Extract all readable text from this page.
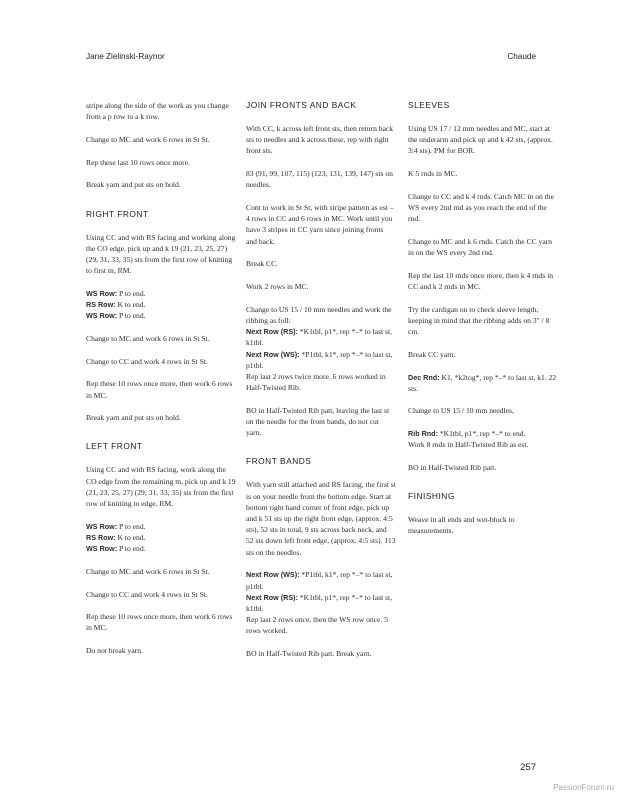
Jane Zielinski-Raynor	Chaude

stripe along the side of the work as you change from a p row to a k row.

Change to MC and work 6 rows in St St.

Rep these last 10 rows once more.

Break yarn and put sts on hold.

RIGHT FRONT

Using CC and with RS facing and working along the CO edge, pick up and k 19 (21, 23, 25, 27) (29, 31, 33, 35) sts from the first row of knitting to first m, RM.

WS Row: P to end.

RS Row: K to end.

WS Row: P to end.

Change to MC and work 6 rows in St St.

Change to CC and work 4 rows in St St.

Rep these 10 rows once more, then work 6 rows in MC.

Break yarn and put sts on hold.

LEFT FRONT

Using CC and with RS facing, work along the CO edge from the remaining m, pick up and k 19 (21, 23, 25, 27) (29, 31, 33, 35) sts from the first row of knitting to edge. RM.

WS Row: P to end.

RS Row: K to end.

WS Row: P to end.

Change to MC and work 6 rows in St St.

Change to CC and work 4 rows in St St.

Rep these 10 rows once more, then work 6 rows in MC.

Do not break yarn.

JOIN FRONTS AND BACK

With CC, k across left front sts, then return back sts to needles and k across these, rep with right front sts.

83 (91, 99, 107, 115) (123, 131, 139, 147) sts on needles.

Cont to work in St St, with stripe pattern as est – 4 rows in CC and 6 rows in MC. Work until you have 3 stripes in CC yarn since joining fronts and back.

Break CC.

Work 2 rows in MC.

Change to US 15 / 10 mm needles and work the ribbing as foll:

Next Row (RS): *K1tbl, p1*, rep *–* to last st, k1tbl.

Next Row (WS): *P1tbl, k1*, rep *–* to last st, p1tbl.

Rep last 2 rows twice more. 6 rows worked in Half-Twisted Rib.

BO in Half-Twisted Rib patt, leaving the last st on the needle for the front bands, do not cut yarn.

FRONT BANDS

With yarn still attached and RS facing, the first st is on your needle from the bottom edge. Start at bottom right hand corner of front edge, pick up and k 51 sts up the right front edge, (approx. 4:5 sts), 52 sts in total, 9 sts across back neck, and 52 sts down left front edge, (approx. 4:5 sts). 113 sts on the needles.

Next Row (WS): *P1tbl, k1*, rep *–* to last st, p1tbl.

Next Row (RS): *K1tbl, p1*, rep *–* to last st, k1tbl.

Rep last 2 rows once, then the WS row once. 5 rows worked.

BO in Half-Twisted Rib patt. Break yarn.

SLEEVES

Using US 17 / 12 mm needles and MC, start at the underarm and pick up and k 42 sts, (approx. 3:4 sts). PM for BOR.

K 5 rnds in MC.

Change to CC and k 4 rnds. Catch MC in on the WS every 2nd rnd as you reach the end of the rnd.

Change to MC and k 6 rnds. Catch the CC yarn in on the WS every 2nd rnd.

Rep the last 10 rnds once more, then k 4 rnds in CC and k 2 rnds in MC.

Try the cardigan on to check sleeve length, keeping in mind that the ribbing adds on 3" / 8 cm.

Break CC yarn.

Dec Rnd: K1, *k2tog*, rep *–* to last st, k1. 22 sts.

Change to US 15 / 10 mm needles,

Rib Rnd: *K1tbl, p1*, rep *–* to end.

Work 8 rnds in Half-Twisted Rib as est.

BO in Half-Twisted Rib patt.

FINISHING

Weave in all ends and wet-block to measurements.

257
PassionForum.ru
